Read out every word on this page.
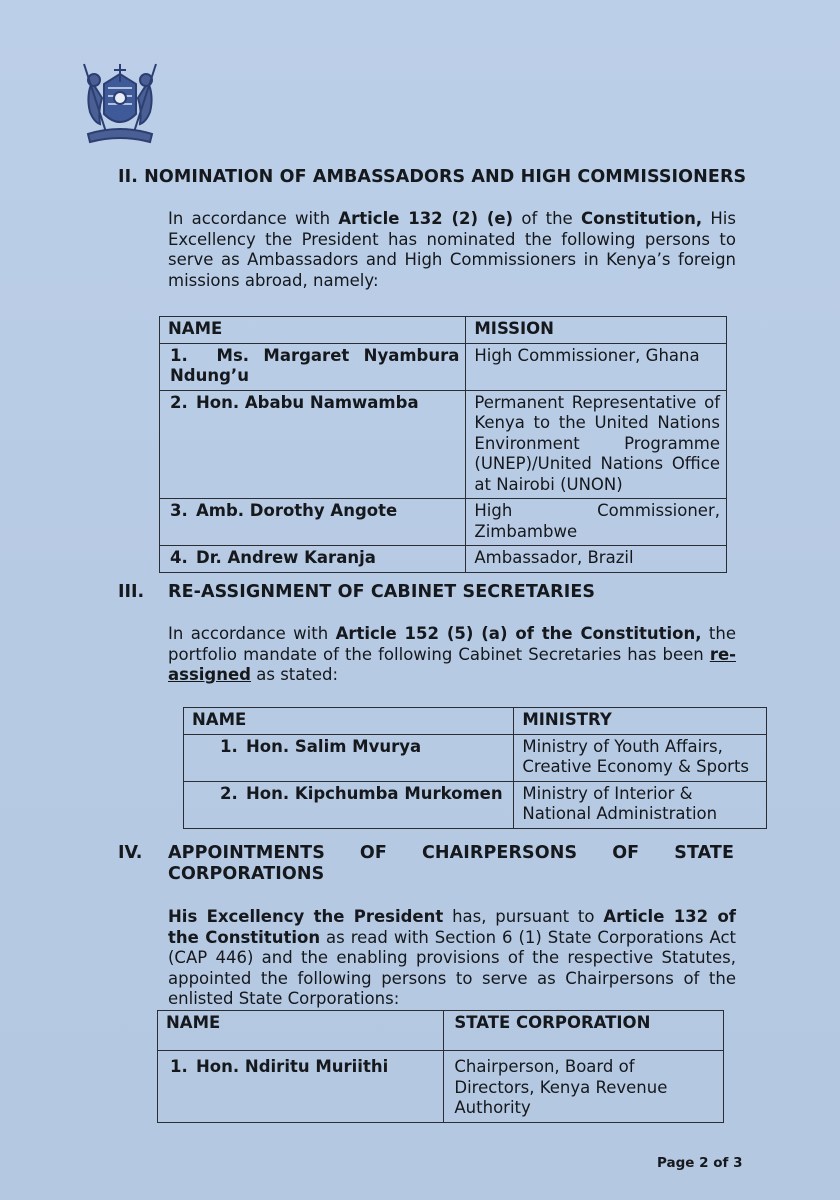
II. NOMINATION OF AMBASSADORS AND HIGH COMMISSIONERS
In accordance with Article 132 (2) (e) of the Constitution, His Excellency the President has nominated the following persons to serve as Ambassadors and High Commissioners in Kenya’s foreign missions abroad, namely:
NAME	MISSION

1. Ms. Margaret Nyambura Ndung’u	High Commissioner, Ghana
2. Hon. Ababu Namwamba	Permanent Representative of Kenya to the United Nations Environment Programme (UNEP)/United Nations Office at Nairobi (UNON)
3. Amb. Dorothy Angote	High Commissioner, Zimbambwe
4. Dr. Andrew Karanja	Ambassador, Brazil
III. RE-ASSIGNMENT OF CABINET SECRETARIES
In accordance with Article 152 (5) (a) of the Constitution, the portfolio mandate of the following Cabinet Secretaries has been re-assigned as stated:
NAME	MINISTRY
1. Hon. Salim Mvurya	Ministry of Youth Affairs, Creative Economy & Sports
2. Hon. Kipchumba Murkomen	Ministry of Interior & National Administration
IV. APPOINTMENTS OF CHAIRPERSONS OF STATE CORPORATIONS
His Excellency the President has, pursuant to Article 132 of the Constitution as read with Section 6 (1) State Corporations Act (CAP 446) and the enabling provisions of the respective Statutes, appointed the following persons to serve as Chairpersons of the enlisted State Corporations:
NAME	STATE CORPORATION
1. Hon. Ndiritu Muriithi	Chairperson, Board of Directors, Kenya Revenue Authority
Page 2 of 3
